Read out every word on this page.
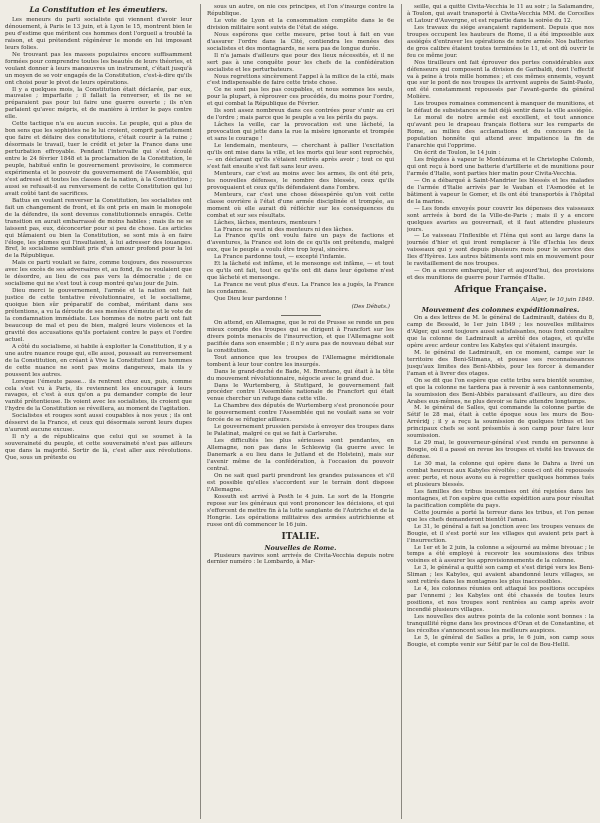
La Constitution et les émeutiers.

Les meneurs du parti socialiste qui viennent d'avoir leur dénouement, à Paris le 13 juin, et à Lyon le 15, montrent bien le peu d'estime que méritent ces hommes dont l'orgueil a troublé la raison, et qui prétendent régénérer le monde en lui imposant leurs folies.

Ne trouvant pas les masses populaires encore suffisamment formées pour comprendre toutes les beautés de leurs théories, et voulant donner à leurs manœuvres un instrument, c'était jusqu'à un moyen de se voir engagés de la Constitution, c'est-à-dire qu'ils ont choisi pour le pivot de leurs opérations.

Il y a quelques mois, la Constitution était déclarée, par eux, mauvaise ; imparfaite ; il fallait la renverser, et ils ne se préparaient pas pour lui faire une guerre ouverte ; ils n'en parlaient qu'avec mépris, et de manière à irriter le pays contre elle.

Cette tactique n'a eu aucun succès. Le peuple, qui a plus de bon sens que les sophistes ne le lui croient, comprit parfaitement que faire et défaire des constitutions, c'était courir à la ruine ; désormais le travail, tuer le crédit et jeter la France dans une perturbation effroyable. Pendant l'intervalle qui s'est écoulé entre le 24 février 1848 et la proclamation de la Constitution, le peuple, habitué enfin le gouvernement provisoire, le commerce expérimenta et le pouvoir du gouvernement de l'Assemblée, qui s'est adressé et toutes les classes de la nation, à la Constitution ; aussi se refusait-il au renversement de cette Constitution qui lui avait coûté tant de sacrifices.

Battus en voulant renverser la Constitution, les socialistes ont fait un changement de front, et ils ont pris en main le monopole de la défendre, ils sont devenus constitutionnels enragés. Cette transition en aurait embarrassé de moins habiles ; mais ils ne se laissent pas, eux, déconcerter pour si peu de chose. Les articles qui blâmaient ou bien la Constitution, se sont mis à en faire l'éloge, les plumes qui l'insultaient, à lui adresser des louanges. Bref, le socialisme semblait pris d'un amour profond pour la loi de la République.

Mais ce parti voulait se faire, comme toujours, des ressources avec les excès de ses adversaires et, au fond, ils ne voulaient que le désordre, au lieu de ces pas vers la démocratie ; de ce socialisme qui ne s'est tout à coup montré qu'au jour de Juin.

Dieu merci le gouvernement, l'armée et la nation ont fait justice de cette tentative révolutionnaire, et le socialisme, quoique bien sûr préparatif de combat, méritant dans ses prétentions, a vu la déroute de ses menées d'émeute et le vote de la condamnation immédiate. Les hommes de notre parti ont fait beaucoup de mal et peu de bien, malgré leurs violences et la gravité des accusations qu'ils portaient contre le pays et l'ordre actuel.

A côté du socialisme, si habile à exploiter la Constitution, il y a une autre nuance rouge qui, elle aussi, poussait au renversement de la Constitution, en créant à Vive la Constitution! Les hommes de cette nuance ne sont pas moins dangereux, mais ils y poussent les autres.

Lorsque l'émeute passe... ils rentrent chez eux, puis, comme cela s'est vu à Paris, ils reviennent les encourager à leurs ravages, et c'est à eux qu'on a pu demander compte de leur vanité prétentieuse. Ils voient avec les socialistes, ils croient que l'hydre de la Constitution se réveillera, au moment de l'agitation.

Socialistes et rouges sont aussi coupables à nos yeux ; ils ont désservi de la France, et ceux qui désormais seront leurs dupes n'auront aucune excuse.

Il n'y a de républicains que celui qui se soumet à la souveraineté du peuple, et cette souveraineté n'est pas ailleurs que dans la majorité. Sortir de là, c'est aller aux révolutions. Que, sous un prétexte ou

sous un autre, on nie ces principes, et l'on s'insurge contre la République.

Le vote de Lyon et la consommation complète dans le 6e division militaire sont suivis de l'état de siége.

Nous espérons que cette mesure, prise tout à fait en vue d'assurer l'ordre dans la Cité, contiendra les menées des socialistes et des montagnards, ne sera pas de longue durée.

Il n'a jamais d'ailleurs que pour des lieux nécessités, et il ne sert pas à une conquête pour les chefs de la confédération socialiste et les perturbateurs.

Nous regrettons sincèrement l'appel à la milice de la cité, mais c'est indispensable de faire cette triste chose.

Ce ne sont pas les pas coupables, et nous sommes les seuls, pour la plupart, à réprouver ces procédés, du moins pour l'ordre, et qui combat la République de Février.

Ils sont assez nombreux dans ces contrées pour s'unir au cri de l'ordre ; mais parce que le peuple a vu les périls du pays.

Lâches la veille, car la provocation est une lâcheté, la provocation qui jette dans la rue la misère ignorante et trompée et sans le courage !

Le lendemain, menteurs, — cherchant à pallier l'excitation qu'ils ont mise dans la ville, et les morts qui leur sont reprochés, — en déclarant qu'ils s'étaient retirés après avoir ; tout ce qui s'est fait ensuite s'est fait sans leur aveu.

Menteurs, car c'est au moins avec les armes, ils ont été pris, les nouvelles défenses, le nombre des blessés, ceux qu'ils provoquaient et ceux qu'ils défendaient dans l'ombre.

Menteurs, car c'est une chose désespérée qu'on voit cette classe ouvrière à l'état d'une armée disciplinée et trompée, au moment où elle aurait dû réfléchir sur les conséquences du combat et sur ses résultats.

Lâches, lâches, menteurs, menteurs !

La France ne veut ni des menteurs ni des lâches.

La France qu'ils ont voulu faire un pays de factions et d'aventures, la France est loin de ce qu'ils ont prétendu, malgré eux, que le peuple a voulu être trop loyal, sincère.

La France pardonne tout, — excepté l'infamie.

Et la lâcheté est infâme, et le mensonge est infâme, — et tout ce qu'ils ont fait, tout ce qu'ils ont dit dans leur égoïsme n'est que lâcheté et mensonge.

La France ne veut plus d'eux. La France les a jugés, la France les condamne.

Que Dieu leur pardonne !

(Des Débats.)

On attend, en Allemagne, que le roi de Prusse se rende un peu mieux compte des troupes qui se dirigent à Francfort sur les divers points menacés de l'insurrection, et que l'Allemagne soit pacifiée dans son ensemble ; il n'y aura pas de nouveau débat sur la constitution.

Tout annonce que les troupes de l'Allemagne méridionale tombent à leur tour contre les insurgés.

Dans le grand-duché de Bade, M. Brentano, qui était à la tête du mouvement révolutionnaire, négocie avec le grand duc.

Dans le Wurtemberg, à Stuttgard, le gouvernement fait procéder contre l'Assemblée nationale de Francfort qui était venue chercher un refuge dans cette ville.

La Chambre des députés de Wurtemberg s'est prononcée pour le gouvernement contre l'Assemblée qui ne voulait sans se voir forcée de se réfugier ailleurs.

Le gouvernement prussien persiste à envoyer des troupes dans le Palatinat, malgré ce qui se fait à Carlsruhe.

Les difficultés les plus sérieuses sont pendantes, en Allemagne, non pas dans le Schleswig (la guerre avec le Danemark a eu lieu dans le Jutland et de Holstein), mais sur l'avenir même de la confédération, à l'occasion du pouvoir central.

On ne sait quel parti prendront les grandes puissances et s'il est possible qu'elles s'accordent sur le terrain dont dispose l'Allemagne.

Kossuth est arrivé à Pesth le 4 juin. Le sort de la Hongrie repose sur les généraux qui vont prononcer les décisions, et qui s'efforcent de mettre fin à la lutte sanglante de l'Autriche et de la Hongrie. Les opérations militaires des armées autrichienne et russe ont dû commencer le 16 juin.

ITALIE.
Nouvelles de Rome.

Plusieurs navires sont arrivés de Civita-Vecchia depuis notre dernier numéro : le Lombardo, à Mar-

seille, qui a quitté Civita-Vecchia le 11 au soir ; la Salamandre, à Toulon, qui avait transporté à Civita-Vecchia MM. de Corcelles et Latour d'Auvergne, et est repartie dans la soirée du 12.

Les travaux du siége avançaient rapidement. Depuis que nos troupes occupent les hauteurs de Rome, il a été impossible aux assiégés d'entraver les opérations de notre armée. Nos batteries de gros calibre étaient toutes terminées le 11, et ont dû ouvrir le feu ce même jour.

Nos tirailleurs ont fait éprouver des pertes considérables aux défenseurs qui composent la division de Garibaldi, dont l'effectif va à peine à trois mille hommes ; et ces mêmes ennemis, voyant que sur le pont de nos troupes ils arrivent auprès de Saint-Paolo, ont été constamment repoussés par l'avant-garde du général Molière.

Les troupes romaines commencent à manquer de munitions, et le défaut de subsistances se fait déjà sentir dans la ville assiégée.

Le moral de notre armée est excellent, et tout annonce qu'avant peu le drapeau français flottera sur les remparts de Rome, au milieu des acclamations et du concours de la population honnête qui attend avec impatience la fin de l'anarchie qui l'opprime.

On écrit de Toulon, le 14 juin :

Les frégates à vapeur le Montézuma et le Christophe Colomb, qui ont reçu à bord une batterie d'artillerie et de munitions pour l'armée d'Italie, sont parties hier matin pour Civita-Vecchia.

— On a débarqué à Saint-Mandrier les blessés et les malades de l'armée d'Italie arrivés par le Vauban et l'Asmodée et le bâtiment à vapeur le Gomer, et ils ont été transportés à l'hôpital de la marine.

— Les fonds envoyés pour couvrir les dépenses des vaisseaux sont arrivés à bord de la Ville-de-Paris ; mais il y a encore quelques avaries au gouvernail, et il faut attendre plusieurs jours.

— Le vaisseau l'Inflexible et l'Iéna qui sont au large dans la journée d'hier et qui iront remplacer à l'île d'Ischia les deux vaisseaux qui y sont depuis plusieurs mois pour le service des Iles d'Hyères. Les autres bâtiments sont mis en mouvement pour le ravitaillement de nos troupes.

— On a encore embarqué, hier et aujourd'hui, des provisions et des munitions de guerre pour l'armée d'Italie.

Afrique Française.
Alger, le 10 juin 1849.
Mouvement des colonnes expéditionnaires.

On a des lettres de M. le général de Ladmirault, datées du 8, camp de Bessaïd, le 1er juin 1849 ; les nouvelles militaires d'Alger, qui sont toujours aussi satisfaisantes, nous font connaître que la colonne de Ladmirault a arrêté des otages, et qu'elle opère avec ardeur contre les Kabyles qui s'étaient insurgés.

M. le général de Ladmirault, en ce moment, campe sur le territoire des Beni-Slimans, et pousse ses reconnaissances jusqu'aux limites des Beni-Abbès, pour les forcer à demander l'aman et à livrer des otages.

On se dit que l'on espère que cette tribu sera bientôt soumise, et que la colonne ne tardera pas à revenir à ses cantonnements, la soumission des Beni-Abbès paraissant d'ailleurs, au dire des Arabes eux-mêmes, ne plus devoir se faire attendre longtemps.

M. le général de Salles, qui commande la colonne partie de Sétif le 28 mai, était à cette époque sous les murs de Bou-Arréridj ; il y a reçu la soumission de quelques tribus et les principaux chefs se sont présentés à son camp pour faire leur soumission.

Le 29 mai, le gouverneur-général s'est rendu en personne à Bougie, où il a passé en revue les troupes et visité les travaux de défense.

Le 30 mai, la colonne qui opère dans le Dahra a livré un combat heureux aux Kabyles révoltés ; ceux-ci ont été repoussés avec perte, et nous avons eu à regretter quelques hommes tués et plusieurs blessés.

Les familles des tribus insoumises ont été rejetées dans les montagnes, et l'on espère que cette expédition aura pour résultat la pacification complète du pays.

Cette journée a porté la terreur dans les tribus, et l'on pense que les chefs demanderont bientôt l'aman.

Le 31, le général a fait sa jonction avec les troupes venues de Bougie, et il s'est porté sur les villages qui avaient pris part à l'insurrection.

Le 1er et le 2 juin, la colonne a séjourné au même bivouac ; le temps a été employé à recevoir les soumissions des tribus voisines et à assurer les approvisionnements de la colonne.

Le 3, le général a quitté son camp et s'est dirigé vers les Beni-Sliman ; les Kabyles, qui avaient abandonné leurs villages, se sont retirés dans les montagnes les plus inaccessibles.

Le 4, les colonnes réunies ont attaqué les positions occupées par l'ennemi ; les Kabyles ont été chassés de toutes leurs positions, et nos troupes sont rentrées au camp après avoir incendié plusieurs villages.

Les nouvelles des autres points de la colonie sont bonnes : la tranquillité règne dans les provinces d'Oran et de Constantine, et les récoltes s'annoncent sous les meilleurs auspices.

Le 5, le général de Salles a pris, le 6 juin, son camp sous Bougie, et compte venir sur Sétif par le col de Bou-Hellil.
